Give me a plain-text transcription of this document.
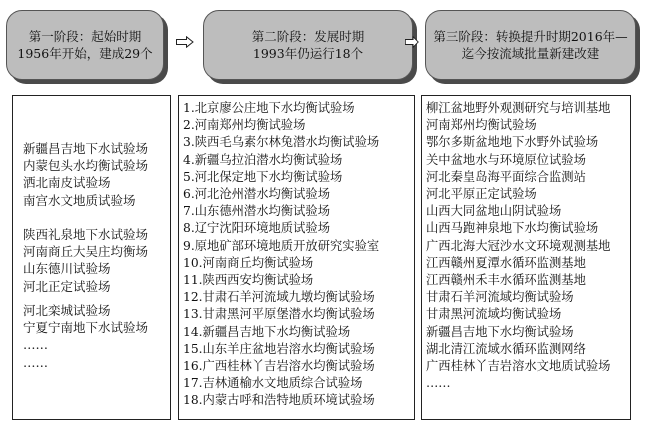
第一阶段：起始时期
1956年开始，建成29个
第二阶段：发展时期
1993年仍运行18个
第三阶段：转换提升时期2016年—
迄今按流域批量新建改建
新疆昌吉地下水试验场
内蒙包头水均衡试验场
洒北南皮试验场
南宫水文地质试验场
陕西礼泉地下水试验场
河南商丘大吴庄均衡场
山东德川试验场
河北正定试验场
河北栾城试验场
宁夏宁南地下水试验场
……
……
1.北京廖公庄地下水均衡试验场
2.河南郑州均衡试验场
3.陕西毛乌素尔林兔潜水均衡试验场
4.新疆乌拉泊潜水均衡试验场
5.河北保定地下水均衡试验场
6.河北沧州潜水均衡试验场
7.山东德州潜水均衡试验场
8.辽宁沈阳环境地质试验场
9.原地矿部环境地质开放研究实验室
10.河南商丘均衡试验场
11.陕西西安均衡试验场
12.甘肃石羊河流域九墩均衡试验场
13.甘肃黑河平原堡潜水均衡试验场
14.新疆昌吉地下水均衡试验场
15.山东羊庄盆地岩溶水均衡试验场
16.广西桂林丫吉岩溶水均衡试验场
17.吉林通榆水文地质综合试验场
18.内蒙古呼和浩特地质环境试验场
柳江盆地野外观测研究与培训基地
河南郑州均衡试验场
鄂尔多斯盆地地下水野外试验场
关中盆地水与环境原位试验场
河北秦皇岛海平面综合监测站
河北平原正定试验场
山西大同盆地山阴试验场
山西马跑神泉地下水均衡试验场
广西北海大冠沙水文环境观测基地
江西赣州夏潭水循环监测基地
江西赣州禾丰水循环监测基地
甘肃石羊河流域均衡试验场
甘肃黑河流域均衡试验场
新疆昌吉地下水均衡试验场
湖北清江流域水循环监测网络
广西桂林丫吉岩溶水文地质试验场
……
